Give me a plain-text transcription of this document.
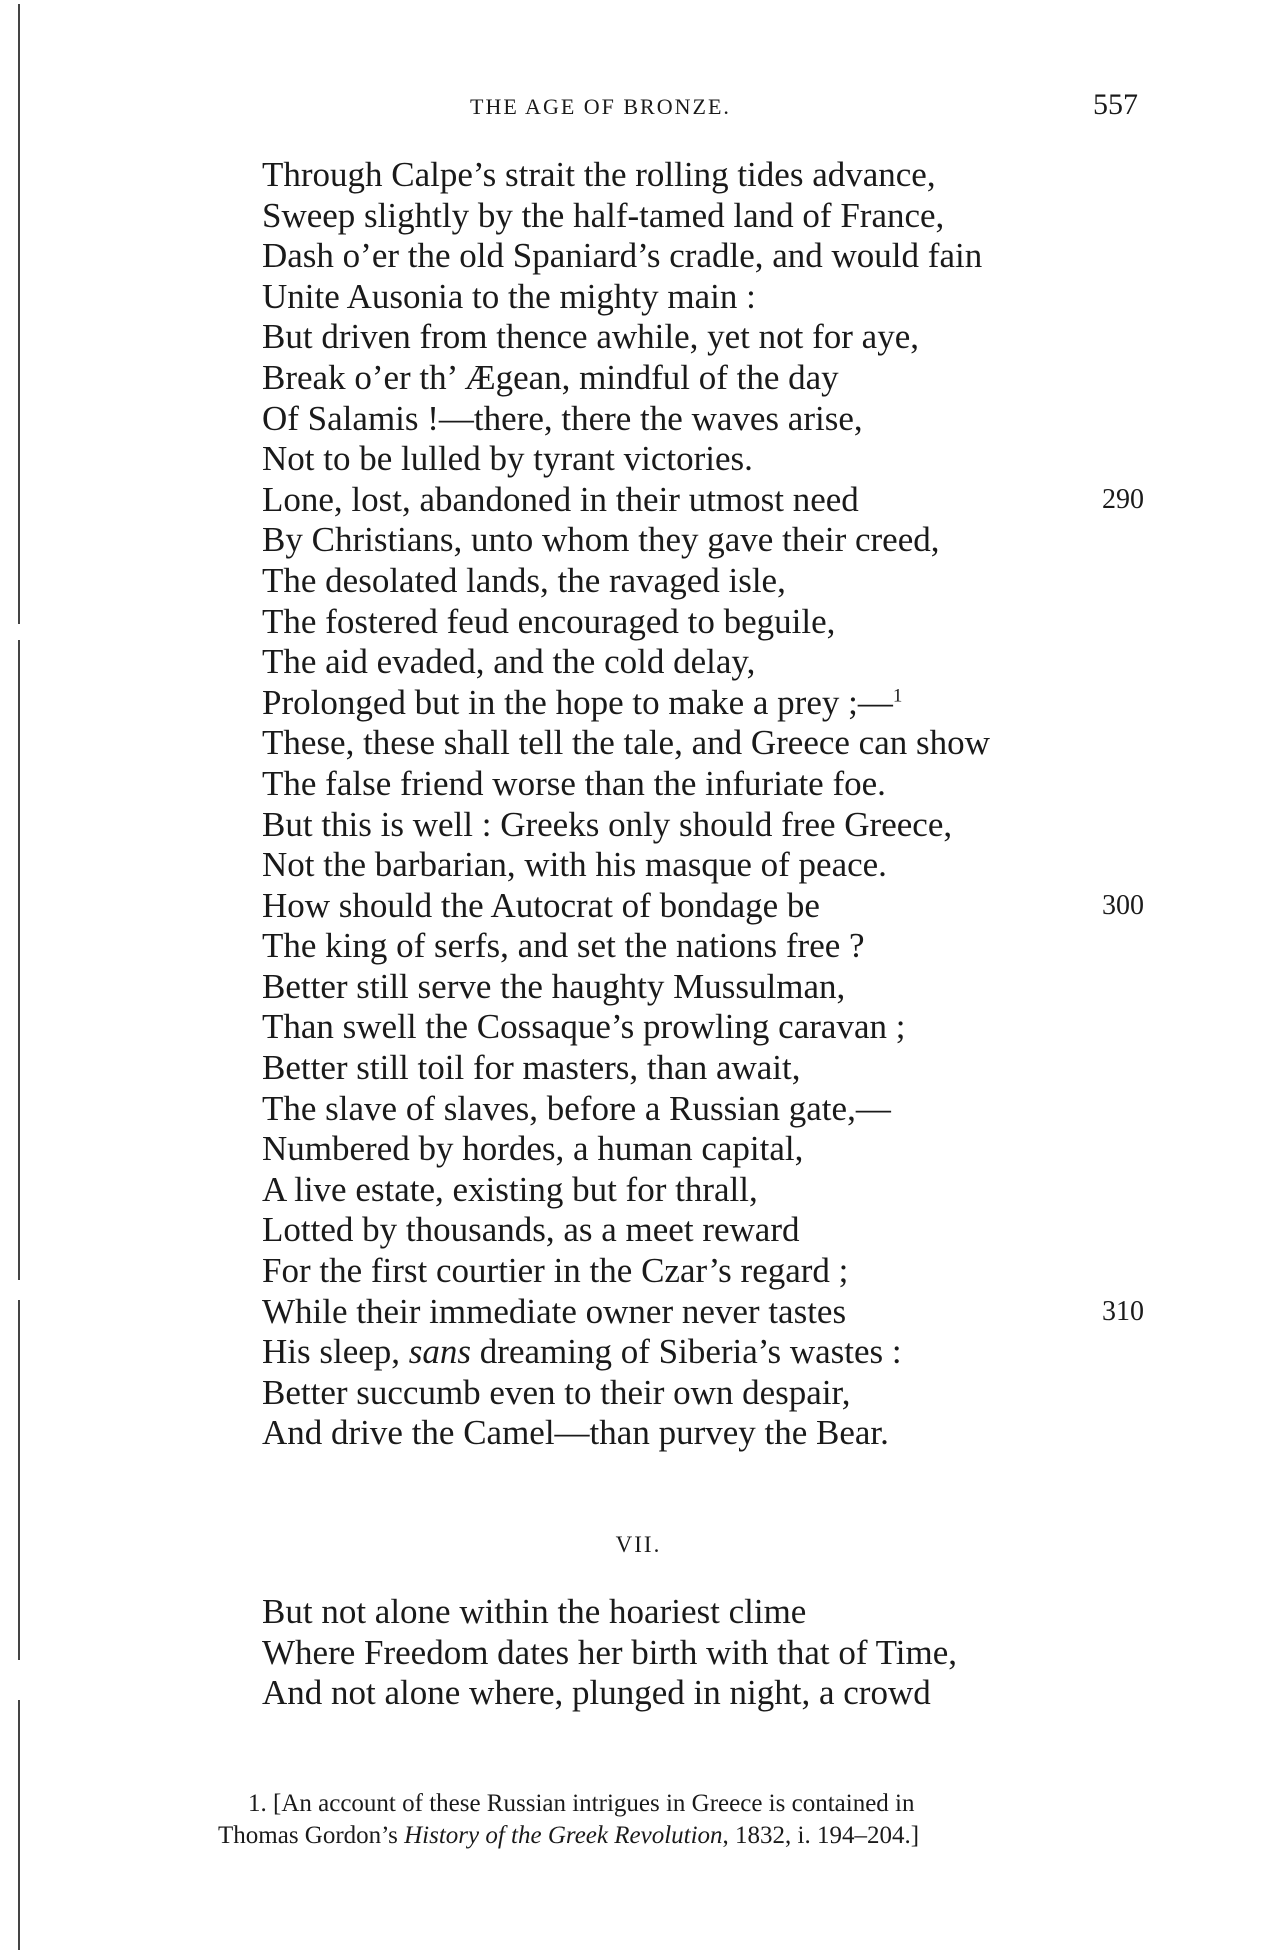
THE AGE OF BRONZE.	557
Through Calpe’s strait the rolling tides advance,
Sweep slightly by the half-tamed land of France,
Dash o’er the old Spaniard’s cradle, and would fain
Unite Ausonia to the mighty main :
But driven from thence awhile, yet not for aye,
Break o’er th’ Ægean, mindful of the day
Of Salamis !—there, there the waves arise,
Not to be lulled by tyrant victories.
Lone, lost, abandoned in their utmost need	290
By Christians, unto whom they gave their creed,
The desolated lands, the ravaged isle,
The fostered feud encouraged to beguile,
The aid evaded, and the cold delay,
Prolonged but in the hope to make a prey ;—$^1$
These, these shall tell the tale, and Greece can show
The false friend worse than the infuriate foe.
But this is well : Greeks only should free Greece,
Not the barbarian, with his masque of peace.
How should the Autocrat of bondage be	300
The king of serfs, and set the nations free ?
Better still serve the haughty Mussulman,
Than swell the Cossaque’s prowling caravan ;
Better still toil for masters, than await,
The slave of slaves, before a Russian gate,—
Numbered by hordes, a human capital,
A live estate, existing but for thrall,
Lotted by thousands, as a meet reward
For the first courtier in the Czar’s regard ;
While their immediate owner never tastes	310
His sleep, sans dreaming of Siberia’s wastes :
Better succumb even to their own despair,
And drive the Camel—than purvey the Bear.
VII.
But not alone within the hoariest clime
Where Freedom dates her birth with that of Time,
And not alone where, plunged in night, a crowd
1. [An account of these Russian intrigues in Greece is contained in
Thomas Gordon’s History of the Greek Revolution, 1832, i. 194–204.]
